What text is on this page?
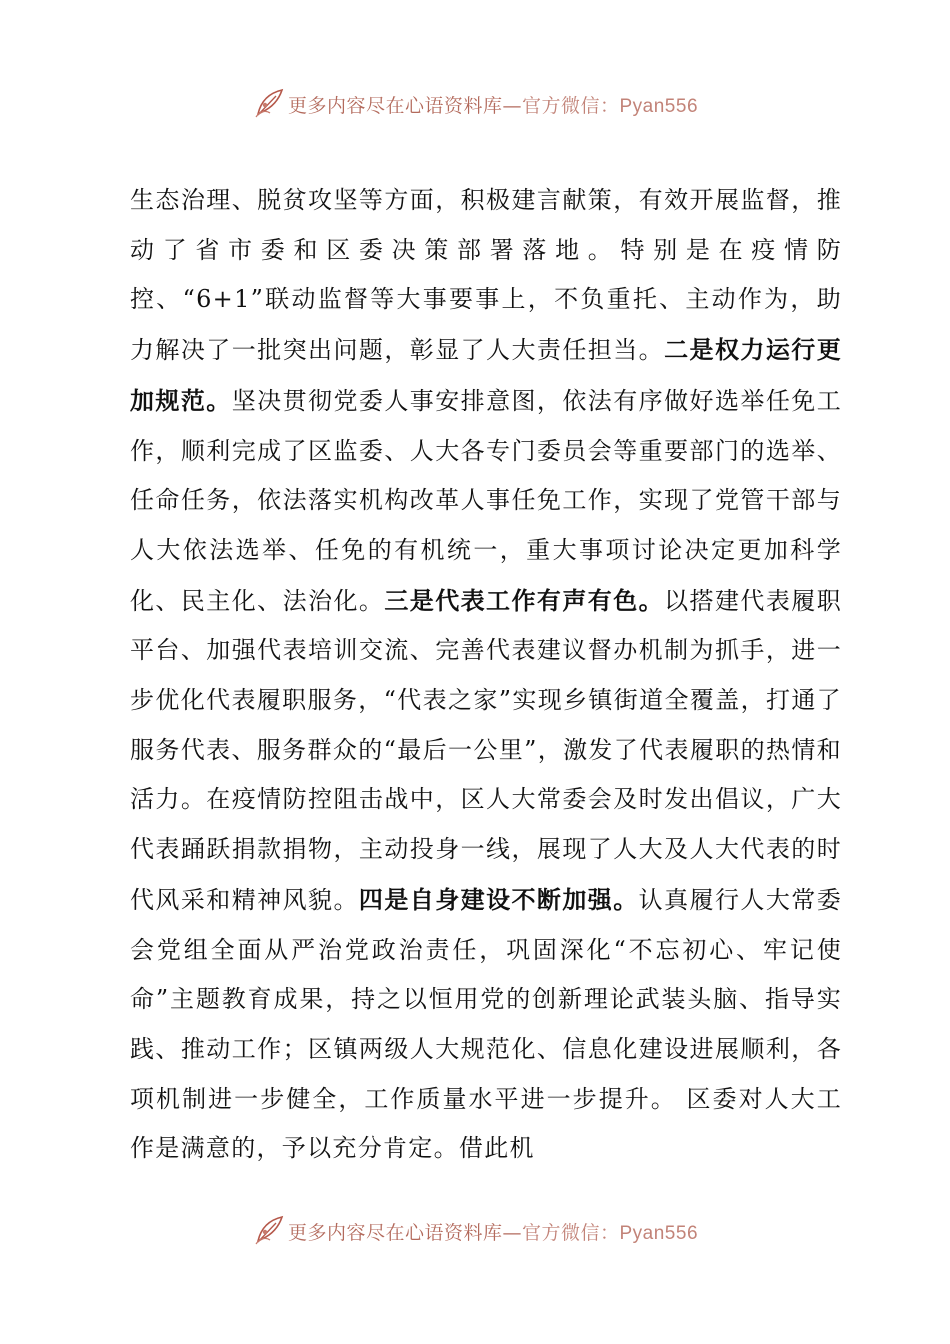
更多内容尽在心语资料库—官方微信：Pyan556
生态治理、脱贫攻坚等方面，积极建言献策，有效开展监督，推动了省市委和区委决策部署落地。特别是在疫情防控、“6+1”联动监督等大事要事上，不负重托、主动作为，助力解决了一批突出问题，彰显了人大责任担当。二是权力运行更加规范。坚决贯彻党委人事安排意图，依法有序做好选举任免工作，顺利完成了区监委、人大各专门委员会等重要部门的选举、任命任务，依法落实机构改革人事任免工作，实现了党管干部与人大依法选举、任免的有机统一，重大事项讨论决定更加科学化、民主化、法治化。三是代表工作有声有色。以搭建代表履职平台、加强代表培训交流、完善代表建议督办机制为抓手，进一步优化代表履职服务，“代表之家”实现乡镇街道全覆盖，打通了服务代表、服务群众的“最后一公里”，激发了代表履职的热情和活力。在疫情防控阻击战中，区人大常委会及时发出倡议，广大代表踊跃捐款捐物，主动投身一线，展现了人大及人大代表的时代风采和精神风貌。四是自身建设不断加强。认真履行人大常委会党组全面从严治党政治责任，巩固深化“不忘初心、牢记使命”主题教育成果，持之以恒用党的创新理论武装头脑、指导实践、推动工作；区镇两级人大规范化、信息化建设进展顺利，各项机制进一步健全，工作质量水平进一步提升。 区委对人大工作是满意的，予以充分肯定。借此机
更多内容尽在心语资料库—官方微信：Pyan556
